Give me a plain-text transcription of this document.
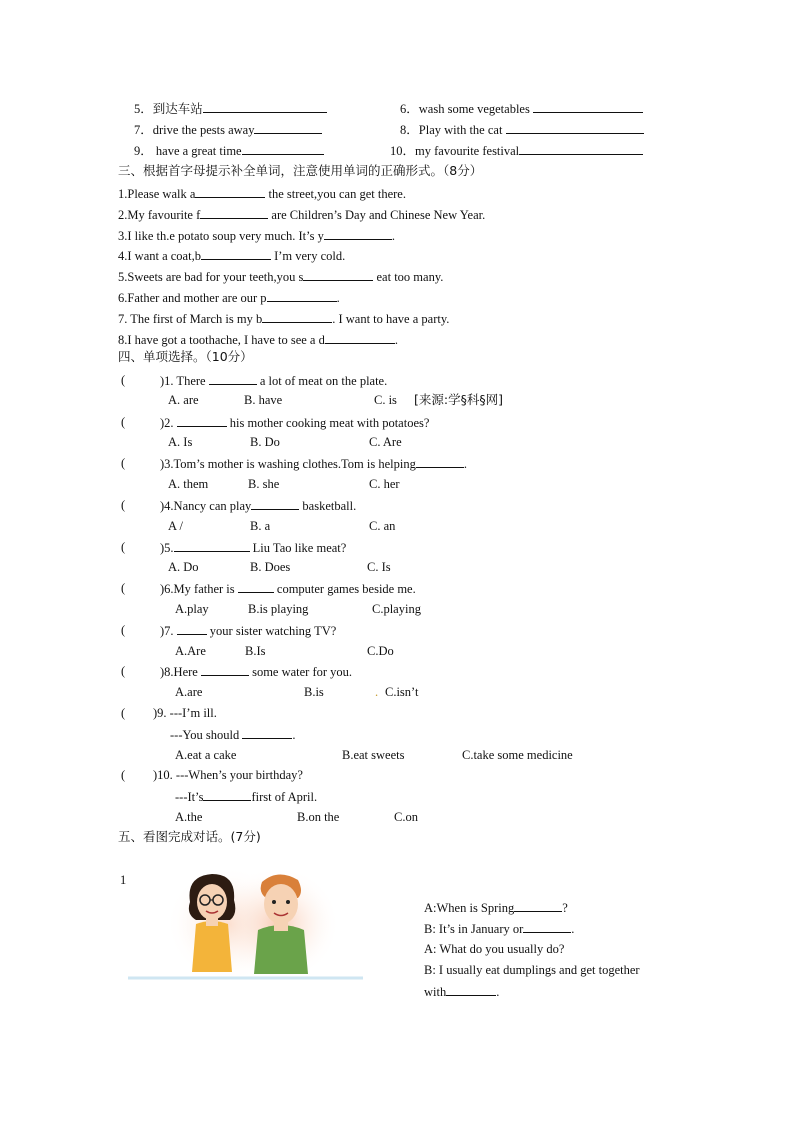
5．到达车站	6．wash some vegetables
7．drive the pests away	8．Play with the cat
9． have a great time	10．my favourite festival
三、根据首字母提示补全单词，注意使用单词的正确形式。（8分）
1.Please walk a	the street,you can get there.
2.My favourite f	are Children’s Day and Chinese New Year.
3.I like th.e potato soup very much. It’s y	.
4.I want a coat,b	I’m very cold.
5.Sweets are bad for your teeth,you s	eat too many.
6.Father and mother are our p	.
7. The first of March is my b	. I want to have a party.
8.I have got a toothache, I have to see a d	.
四、单项选择。（10分）
(	)1. There	a lot of meat on the plate.
A. are	B. have	C. is [来源:学§科§网]
(	)2.	his mother cooking meat with potatoes?
A. Is	B. Do	C. Are
(	)3.Tom’s mother is washing clothes.Tom is helping	.
A. them	B. she	C. her
(	)4.Nancy can play	basketball.
A /	B. a	C. an
(	)5.	Liu Tao like meat?
A. Do	B. Does	C. Is
(	)6.My father is	computer games beside me.
A.play	B.is playing	C.playing
(	)7.  your sister watching TV?
A.Are	B.Is	C.Do
(	)8.Here	some water for you.
A.are	B.is	. C.isn’t
( )9. ---I’m ill.
---You should	.
A.eat a cake	B.eat sweets	C.take some medicine
( )10. ---When’s your birthday?
---It’s	first of April.
A.the	B.on the	C.on
五、看图完成对话。(7分)
1
A:When is Spring	?
B: It’s in January or	.
A: What do you usually do?
B: I usually eat dumplings and get together
with	.
